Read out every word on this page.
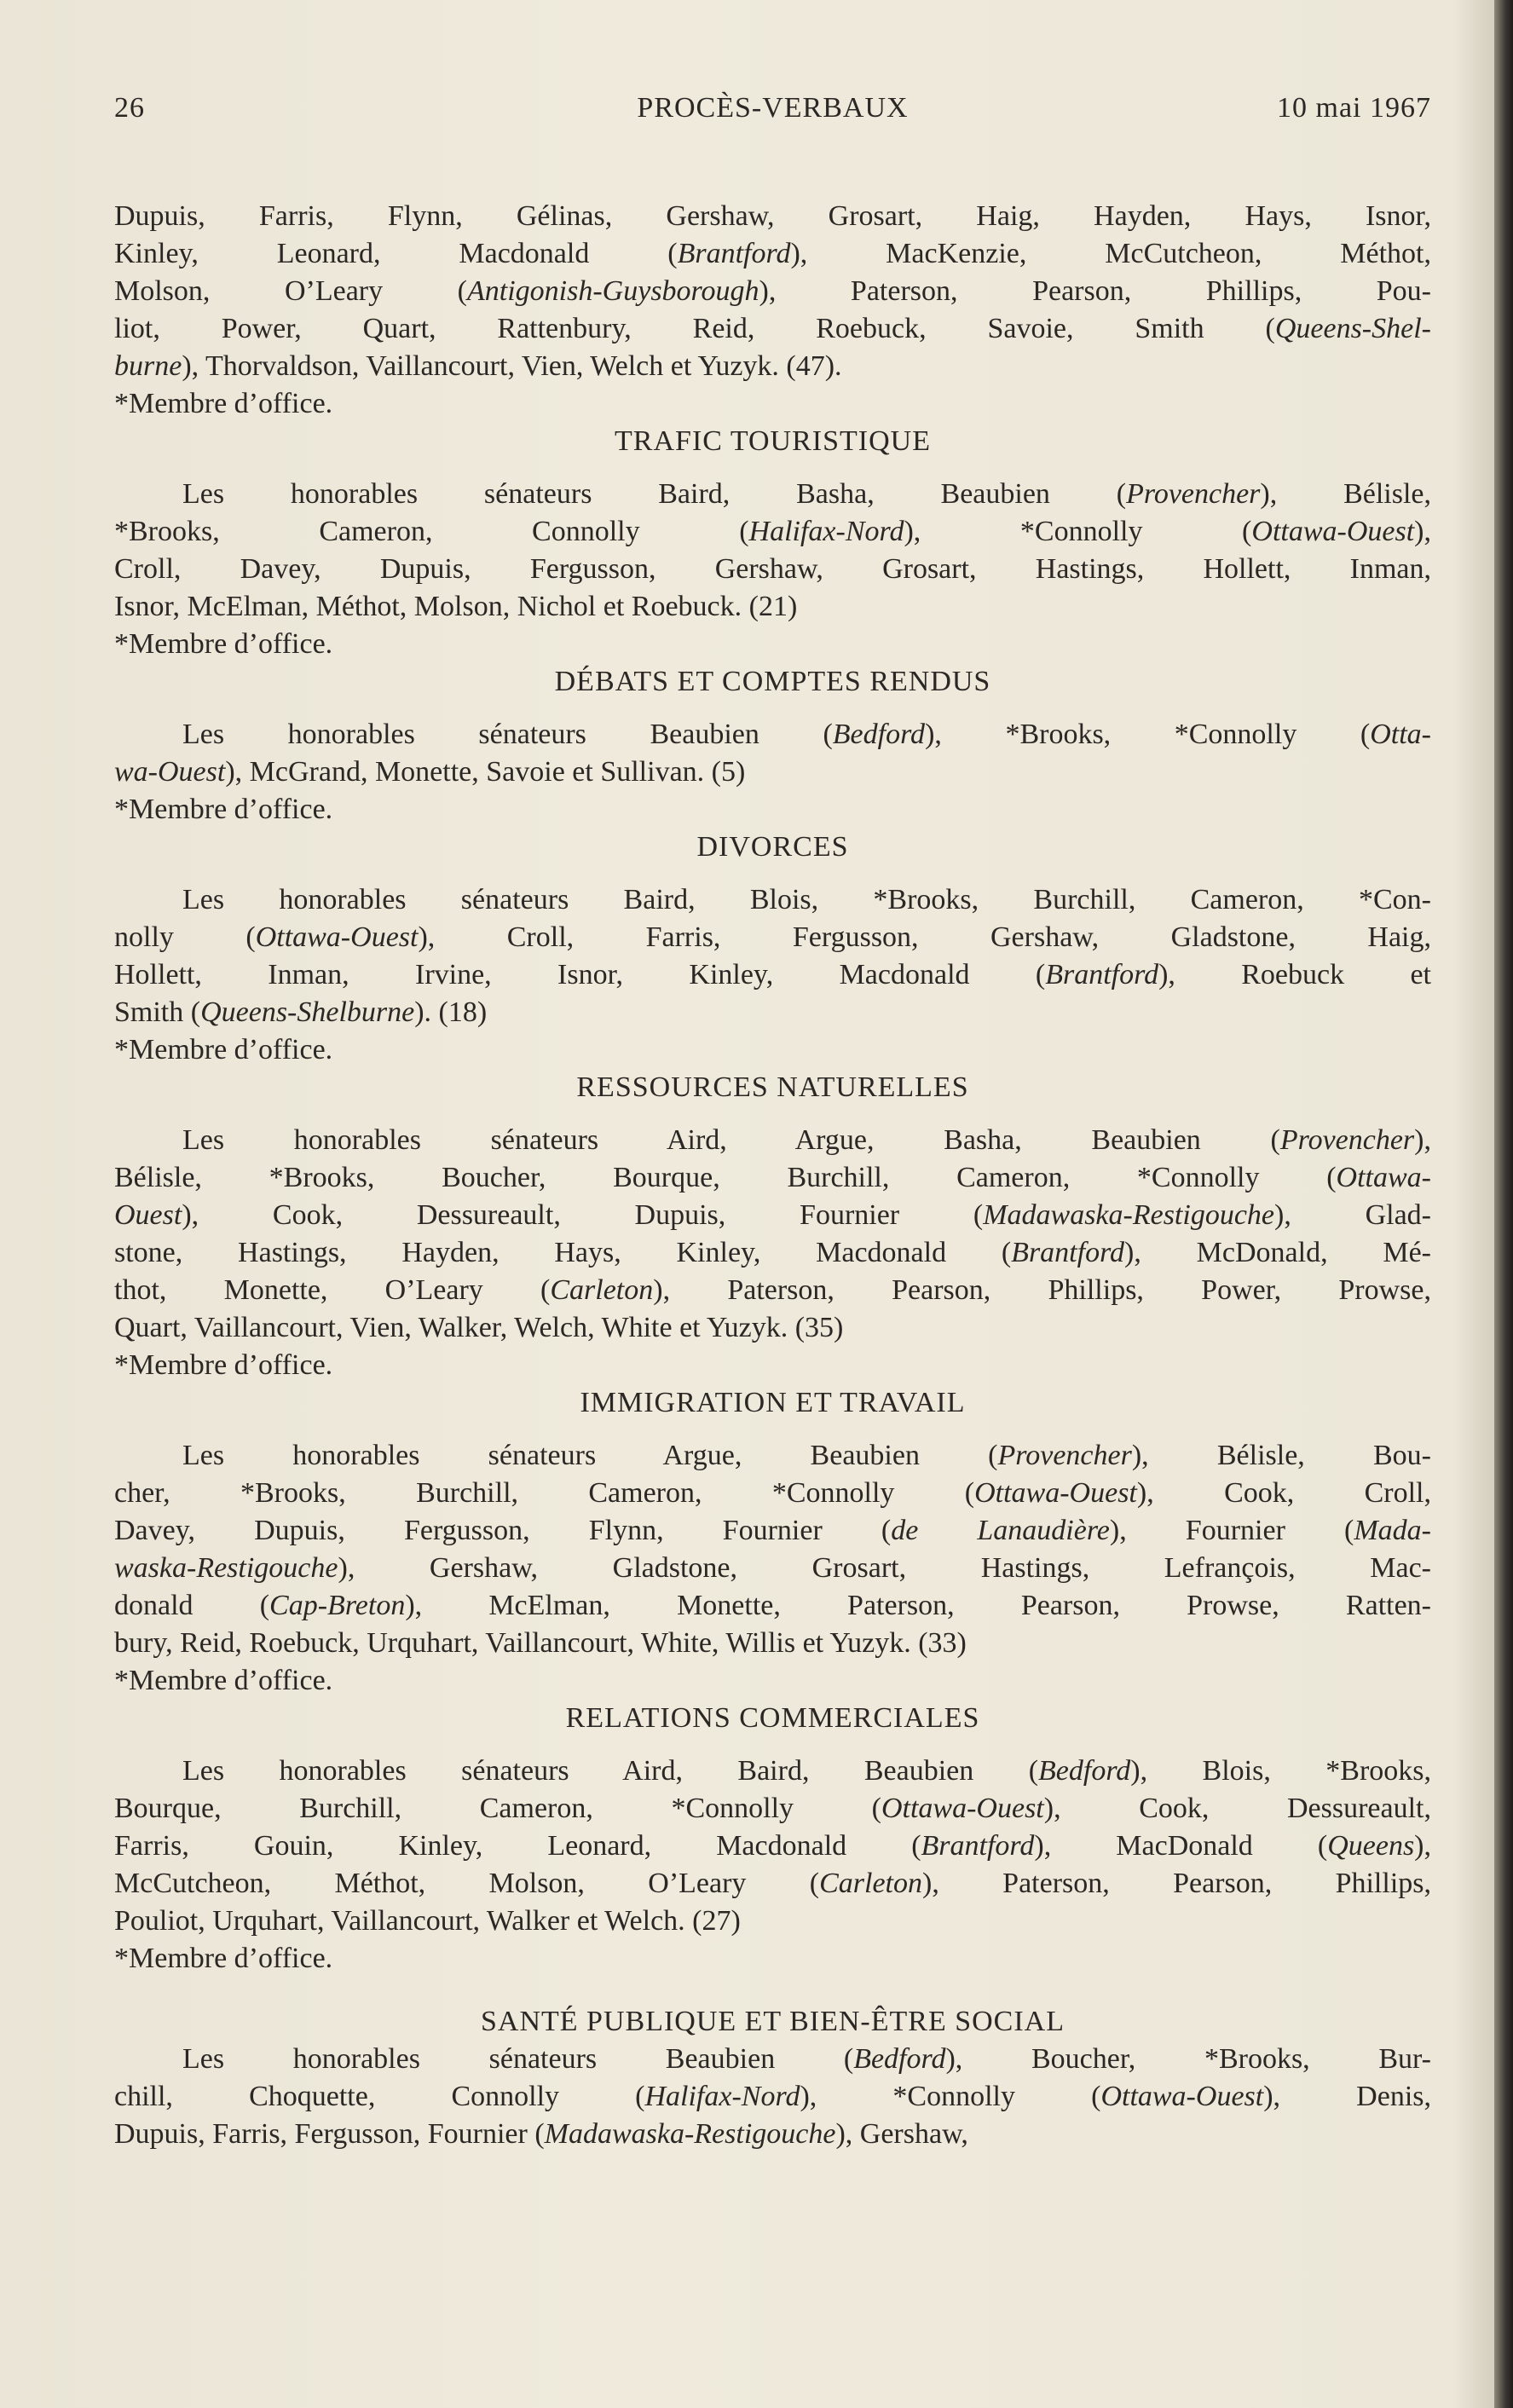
26	PROCÈS-VERBAUX	10 mai 1967
Dupuis, Farris, Flynn, Gélinas, Gershaw, Grosart, Haig, Hayden, Hays, Isnor,
Kinley, Leonard, Macdonald (Brantford), MacKenzie, McCutcheon, Méthot,
Molson, O’Leary (Antigonish-Guysborough), Paterson, Pearson, Phillips, Pou-
liot, Power, Quart, Rattenbury, Reid, Roebuck, Savoie, Smith (Queens-Shel-
burne), Thorvaldson, Vaillancourt, Vien, Welch et Yuzyk. (47).

*Membre d’office.

TRAFIC TOURISTIQUE

Les honorables sénateurs Baird, Basha, Beaubien (Provencher), Bélisle,
*Brooks, Cameron, Connolly (Halifax-Nord), *Connolly (Ottawa-Ouest),
Croll, Davey, Dupuis, Fergusson, Gershaw, Grosart, Hastings, Hollett, Inman,
Isnor, McElman, Méthot, Molson, Nichol et Roebuck. (21)

*Membre d’office.

DÉBATS ET COMPTES RENDUS

Les honorables sénateurs Beaubien (Bedford), *Brooks, *Connolly (Otta-
wa-Ouest), McGrand, Monette, Savoie et Sullivan. (5)

*Membre d’office.

DIVORCES

Les honorables sénateurs Baird, Blois, *Brooks, Burchill, Cameron, *Con-
nolly (Ottawa-Ouest), Croll, Farris, Fergusson, Gershaw, Gladstone, Haig,
Hollett, Inman, Irvine, Isnor, Kinley, Macdonald (Brantford), Roebuck et
Smith (Queens-Shelburne). (18)

*Membre d’office.

RESSOURCES NATURELLES

Les honorables sénateurs Aird, Argue, Basha, Beaubien (Provencher),
Bélisle, *Brooks, Boucher, Bourque, Burchill, Cameron, *Connolly (Ottawa-
Ouest), Cook, Dessureault, Dupuis, Fournier (Madawaska-Restigouche), Glad-
stone, Hastings, Hayden, Hays, Kinley, Macdonald (Brantford), McDonald, Mé-
thot, Monette, O’Leary (Carleton), Paterson, Pearson, Phillips, Power, Prowse,
Quart, Vaillancourt, Vien, Walker, Welch, White et Yuzyk. (35)

*Membre d’office.

IMMIGRATION ET TRAVAIL

Les honorables sénateurs Argue, Beaubien (Provencher), Bélisle, Bou-
cher, *Brooks, Burchill, Cameron, *Connolly (Ottawa-Ouest), Cook, Croll,
Davey, Dupuis, Fergusson, Flynn, Fournier (de Lanaudière), Fournier (Mada-
waska-Restigouche), Gershaw, Gladstone, Grosart, Hastings, Lefrançois, Mac-
donald (Cap-Breton), McElman, Monette, Paterson, Pearson, Prowse, Ratten-
bury, Reid, Roebuck, Urquhart, Vaillancourt, White, Willis et Yuzyk. (33)

*Membre d’office.

RELATIONS COMMERCIALES

Les honorables sénateurs Aird, Baird, Beaubien (Bedford), Blois, *Brooks,
Bourque, Burchill, Cameron, *Connolly (Ottawa-Ouest), Cook, Dessureault,
Farris, Gouin, Kinley, Leonard, Macdonald (Brantford), MacDonald (Queens),
McCutcheon, Méthot, Molson, O’Leary (Carleton), Paterson, Pearson, Phillips,
Pouliot, Urquhart, Vaillancourt, Walker et Welch. (27)

*Membre d’office.

SANTÉ PUBLIQUE ET BIEN-ÊTRE SOCIAL

Les honorables sénateurs Beaubien (Bedford), Boucher, *Brooks, Bur-
chill, Choquette, Connolly (Halifax-Nord), *Connolly (Ottawa-Ouest), Denis,
Dupuis, Farris, Fergusson, Fournier (Madawaska-Restigouche), Gershaw,
